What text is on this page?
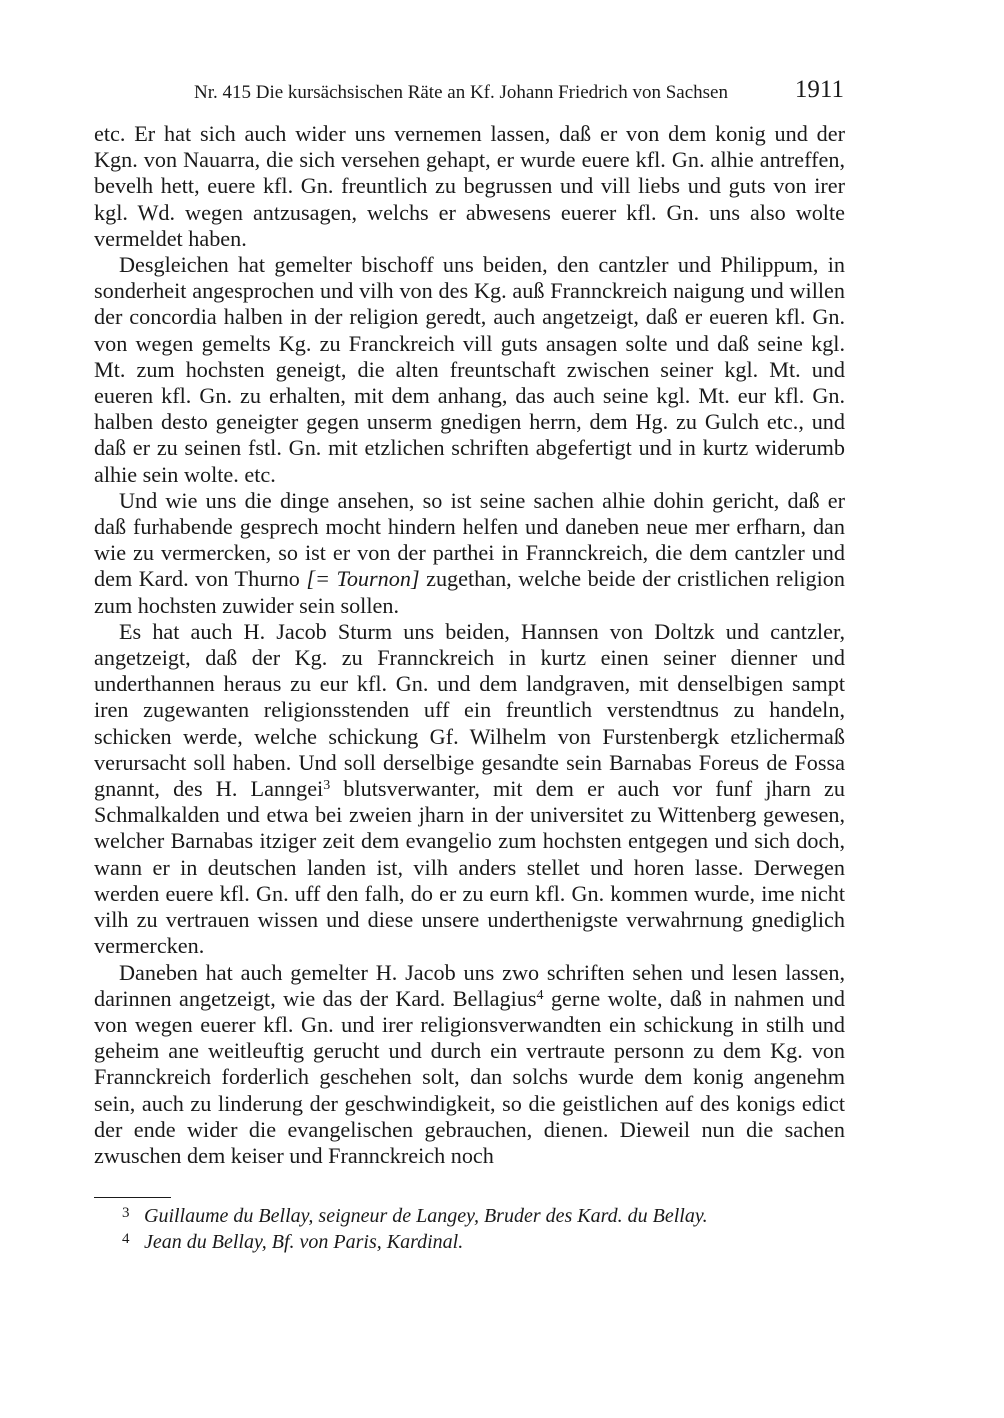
Nr. 415 Die kursächsischen Räte an Kf. Johann Friedrich von Sachsen	1911

etc. Er hat sich auch wider uns vernemen lassen, daß er von dem konig und der Kgn. von Nauarra, die sich versehen gehapt, er wurde euere kfl. Gn. alhie antreffen, bevelh hett, euere kfl. Gn. freuntlich zu begrussen und vill liebs und guts von irer kgl. Wd. wegen antzusagen, welchs er abwesens euerer kfl. Gn. uns also wolte vermeldet haben.

Desgleichen hat gemelter bischoff uns beiden, den cantzler und Philippum, in sonderheit angesprochen und vilh von des Kg. auß Frannckreich naigung und willen der concordia halben in der religion geredt, auch angetzeigt, daß er eueren kfl. Gn. von wegen gemelts Kg. zu Franckreich vill guts ansagen solte und daß seine kgl. Mt. zum hochsten geneigt, die alten freuntschaft zwischen seiner kgl. Mt. und eueren kfl. Gn. zu erhalten, mit dem anhang, das auch seine kgl. Mt. eur kfl. Gn. halben desto geneigter gegen unserm gnedigen herrn, dem Hg. zu Gulch etc., und daß er zu seinen fstl. Gn. mit etzlichen schriften abgefertigt und in kurtz widerumb alhie sein wolte. etc.

Und wie uns die dinge ansehen, so ist seine sachen alhie dohin gericht, daß er daß furhabende gesprech mocht hindern helfen und daneben neue mer erfharn, dan wie zu vermercken, so ist er von der parthei in Frannckreich, die dem cantzler und dem Kard. von Thurno [= Tournon] zugethan, welche beide der cristlichen religion zum hochsten zuwider sein sollen.

Es hat auch H. Jacob Sturm uns beiden, Hannsen von Doltzk und cantzler, angetzeigt, daß der Kg. zu Frannckreich in kurtz einen seiner dienner und underthannen heraus zu eur kfl. Gn. und dem landgraven, mit denselbigen sampt iren zugewanten religionsstenden uff ein freuntlich verstendtnus zu handeln, schicken werde, welche schickung Gf. Wilhelm von Furstenbergk etzlichermaß verursacht soll haben. Und soll derselbige gesandte sein Barnabas Foreus de Fossa gnannt, des H. Lanngei$^3$ blutsverwanter, mit dem er auch vor funf jharn zu Schmalkalden und etwa bei zweien jharn in der universitet zu Wittenberg gewesen, welcher Barnabas itziger zeit dem evangelio zum hochsten entgegen und sich doch, wann er in deutschen landen ist, vilh anders stellet und horen lasse. Derwegen werden euere kfl. Gn. uff den falh, do er zu eurn kfl. Gn. kommen wurde, ime nicht vilh zu vertrauen wissen und diese unsere underthenigste verwahrnung gnediglich vermercken.

Daneben hat auch gemelter H. Jacob uns zwo schriften sehen und lesen lassen, darinnen angetzeigt, wie das der Kard. Bellagius$^4$ gerne wolte, daß in nahmen und von wegen euerer kfl. Gn. und irer religionsverwandten ein schickung in stilh und geheim ane weitleuftig gerucht und durch ein vertraute personn zu dem Kg. von Frannckreich forderlich geschehen solt, dan solchs wurde dem konig angenehm sein, auch zu linderung der geschwindigkeit, so die geistlichen auf des konigs edict der ende wider die evangelischen gebrauchen, dienen. Dieweil nun die sachen zwuschen dem keiser und Frannckreich noch

3 Guillaume du Bellay, seigneur de Langey, Bruder des Kard. du Bellay.
4 Jean du Bellay, Bf. von Paris, Kardinal.
